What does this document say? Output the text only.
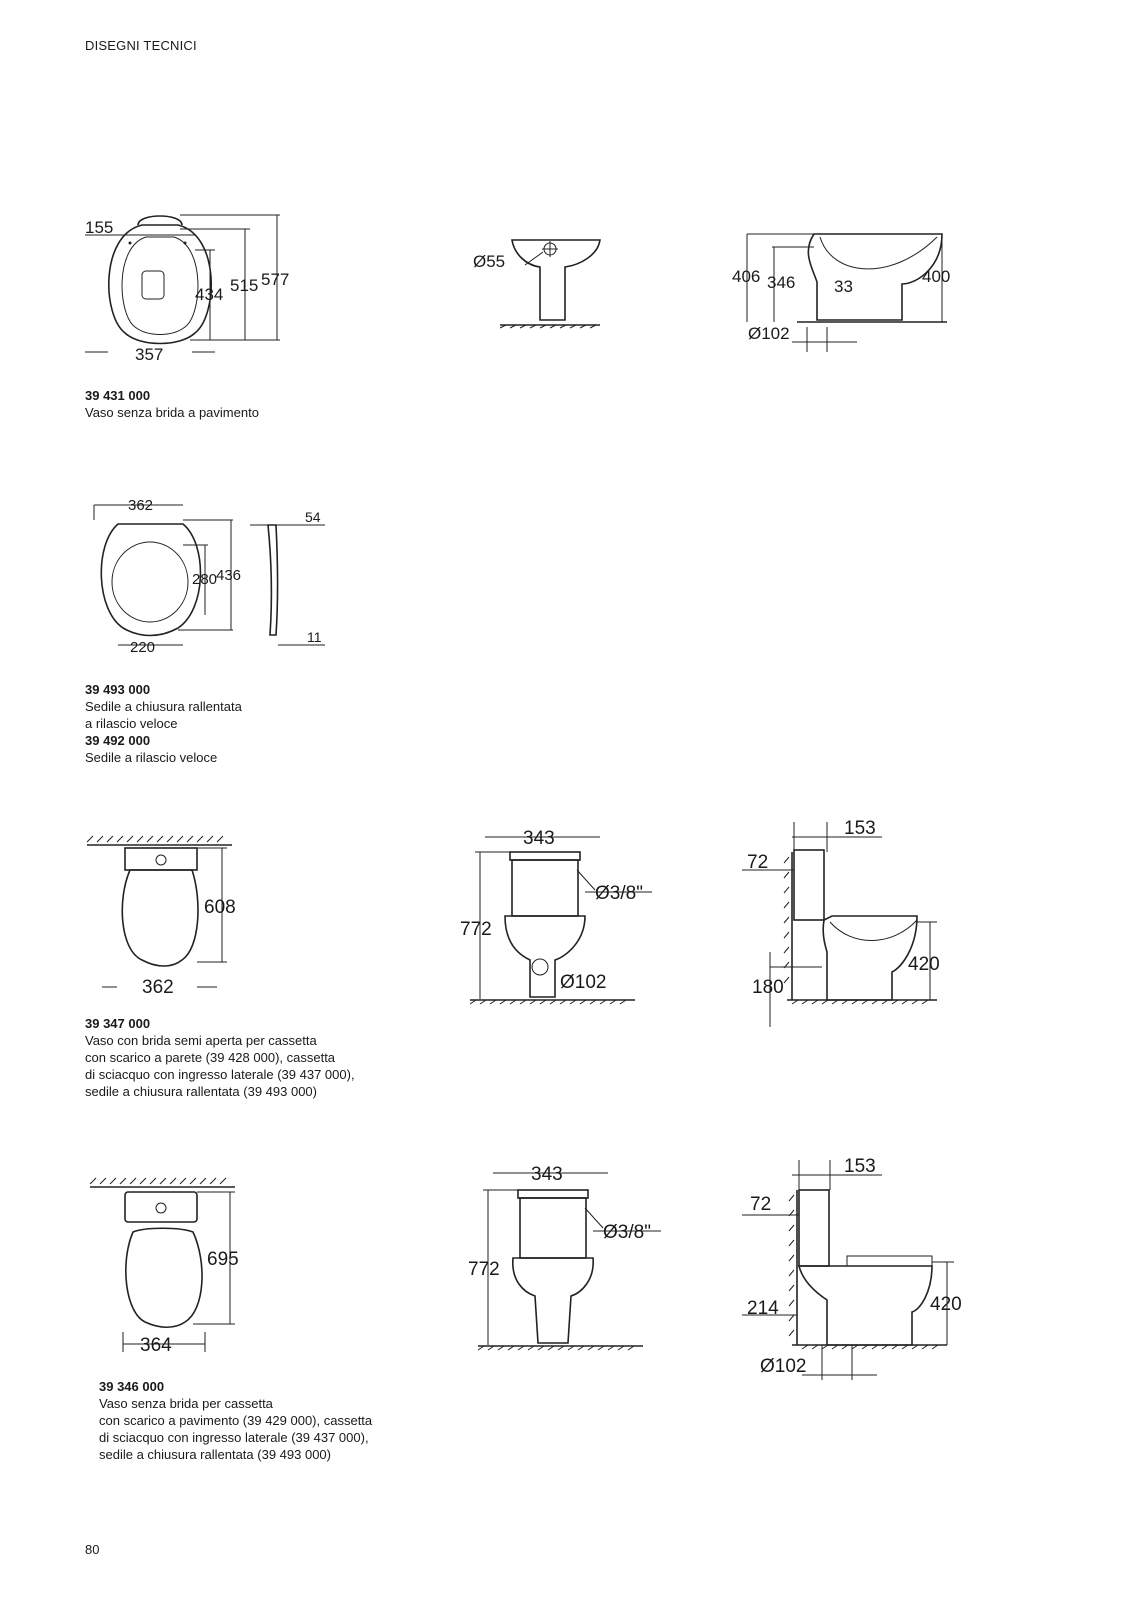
DISEGNI TECNICI
155
434 515 577
357
Ø55
406 346 33
400
Ø102
39 431 000
Vaso senza brida a pavimento
362
280
436
220
54
11
39 493 000
Sedile a chiusura rallentata
a rilascio veloce
39 492 000
Sedile a rilascio veloce
608
362
343
Ø3/8"
772
Ø102
153
72
420
180
39 347 000
Vaso con brida semi aperta per cassetta
con scarico a parete (39 428 000), cassetta
di sciacquo con ingresso laterale (39 437 000),
sedile a chiusura rallentata (39 493 000)
695
364
343
Ø3/8"
772
153
72
420
214
Ø102
39 346 000
Vaso senza brida per cassetta
con scarico a pavimento (39 429 000), cassetta
di sciacquo con ingresso laterale (39 437 000),
sedile a chiusura rallentata (39 493 000)
80
